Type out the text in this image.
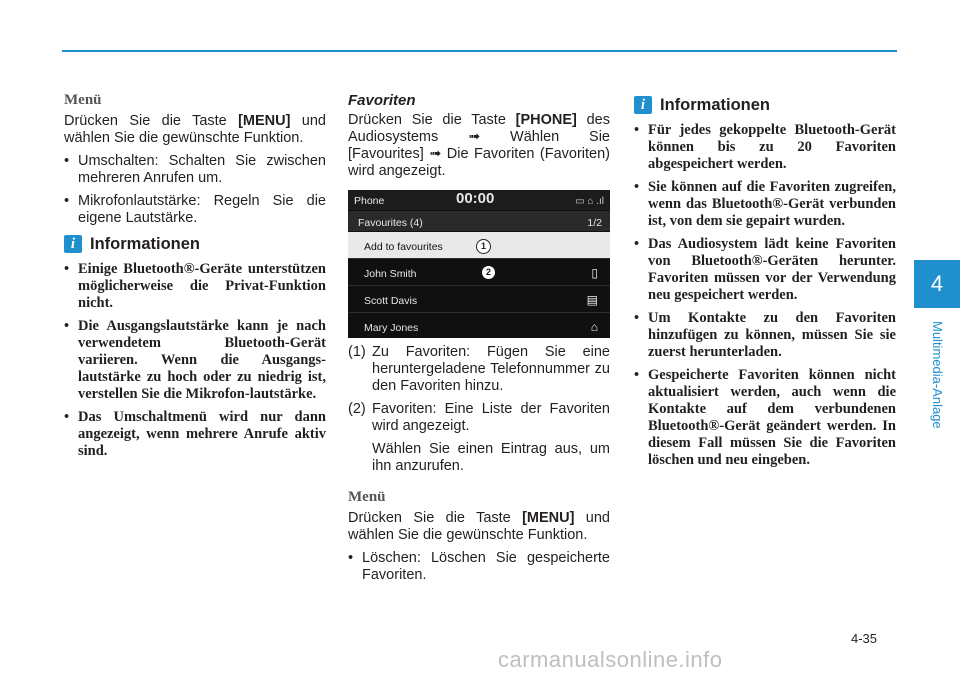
Menü

Drücken Sie die Taste [MENU] und wählen Sie die gewünschte Funktion.

• Umschalten: Schalten Sie zwischen mehreren Anrufen um.
• Mikrofonlautstärke: Regeln Sie die eigene Lautstärke.
i Informationen
• Einige Bluetooth®-Geräte unterstützen möglicherweise die Privat-Funktion nicht.
• Die Ausgangslautstärke kann je nach verwendetem Bluetooth-Gerät variieren. Wenn die Ausgangs-lautstärke zu hoch oder zu niedrig ist, verstellen Sie die Mikrofon-lautstärke.
• Das Umschaltmenü wird nur dann angezeigt, wenn mehrere Anrufe aktiv sind.
Favoriten

Drücken Sie die Taste [PHONE] des Audiosystems ➟ Wählen Sie [Favourites] ➟ Die Favoriten (Favoriten) wird angezeigt.

Phone	00:00	▭ ⌂ .ıl
Favourites (4)	1/2
Add to favourites
John Smith	▯
Scott Davis	▤
Mary Jones	⌂
1
2
(1) Zu Favoriten: Fügen Sie eine heruntergeladene Telefonnummer zu den Favoriten hinzu.
(2) Favoriten: Eine Liste der Favoriten wird angezeigt.

Wählen Sie einen Eintrag aus, um ihn anzurufen.

Menü

Drücken Sie die Taste [MENU] und wählen Sie die gewünschte Funktion.

• Löschen: Löschen Sie gespeicherte Favoriten.
i Informationen
• Für jedes gekoppelte Bluetooth-Gerät können bis zu 20 Favoriten abgespeichert werden.
• Sie können auf die Favoriten zugreifen, wenn das Bluetooth®-Gerät verbunden ist, von dem sie gepairt wurden.
• Das Audiosystem lädt keine Favoriten von Bluetooth®-Geräten herunter. Favoriten müssen vor der Verwendung neu gespeichert werden.
• Um Kontakte zu den Favoriten hinzufügen zu können, müssen Sie sie zuerst herunterladen.
• Gespeicherte Favoriten können nicht aktualisiert werden, auch wenn die Kontakte auf dem verbundenen Bluetooth®-Gerät geändert werden. In diesem Fall müssen Sie die Favoriten löschen und neu eingeben.
4
Multimedia-Anlage
4-35
carmanualsonline.info
